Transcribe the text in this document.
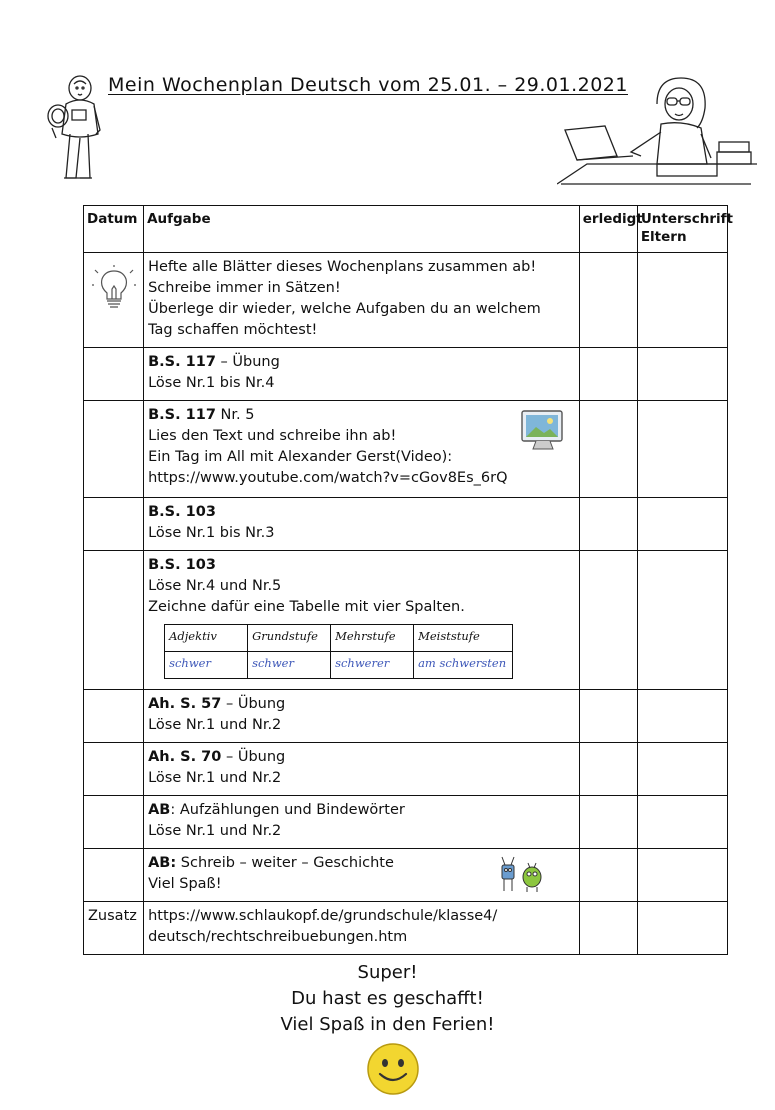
Mein Wochenplan Deutsch vom 25.01. – 29.01.2021
Datum	Aufgabe	erledigt	Unterschrift Eltern

Hefte alle Blätter dieses Wochenplans zusammen ab!
Schreibe immer in Sätzen!
Überlege dir wieder, welche Aufgaben du an welchem
Tag schaffen möchtest!

B.S. 117 – Übung
Löse Nr.1 bis Nr.4

B.S. 117 Nr. 5
Lies den Text und schreibe ihn ab!
Ein Tag im All mit Alexander Gerst(Video):
https://www.youtube.com/watch?v=cGov8Es_6rQ

B.S. 103
Löse Nr.1 bis Nr.3

B.S. 103
Löse Nr.4 und Nr.5
Zeichne dafür eine Tabelle mit vier Spalten.
Adjektiv	Grundstufe	Mehrstufe	Meiststufe
schwer	schwer	schwerer	am schwersten

Ah. S. 57 – Übung
Löse Nr.1 und Nr.2

Ah. S. 70 – Übung
Löse Nr.1 und Nr.2

AB: Aufzählungen und Bindewörter
Löse Nr.1 und Nr.2

AB: Schreib – weiter – Geschichte
Viel Spaß!

Zusatz	https://www.schlaukopf.de/grundschule/klasse4/
deutsch/rechtschreibuebungen.htm

Super!
Du hast es geschafft!
Viel Spaß in den Ferien!
